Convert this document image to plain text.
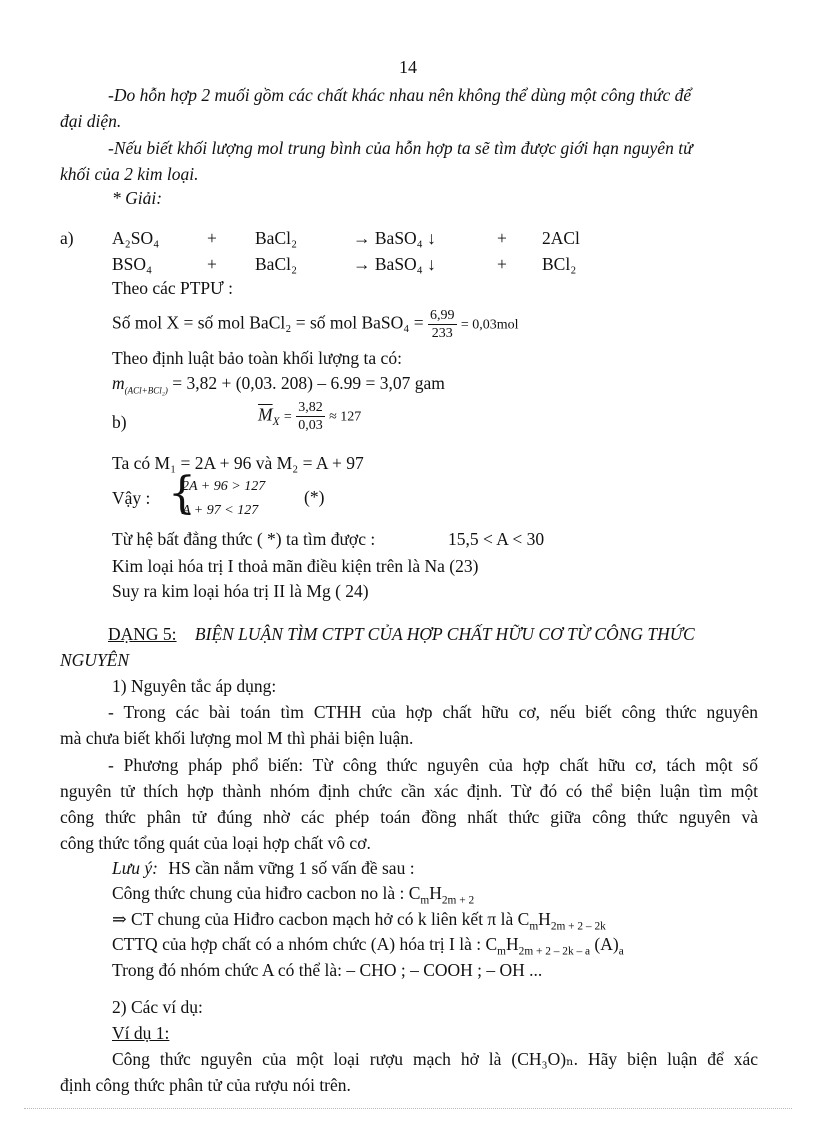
14
-Do hỗn hợp 2 muối gồm các chất khác nhau nên không thể dùng một công thức để
đại diện.
-Nếu biết khối lượng mol trung bình của hỗn hợp ta sẽ tìm được giới hạn nguyên tử
khối của 2 kim loại.
* Giải:
a) A₂SO₄	+ BaCl₂	→ BaSO₄ ↓	+ 2ACl
BSO₄	+ BaCl₂	→ BaSO₄ ↓	+ BCl₂
Theo các PTPƯ :
Số mol X = số mol BaCl₂ = số mol BaSO₄ = $\frac{6,99}{233} = 0,03mol$
Theo định luật bảo toàn khối lượng ta có:
$m_{(ACl+BCl_2)} = 3,82 + (0,03$. 208) – 6.99 = 3,07 gam
b)	$\overline{M}_X = \frac{3,82}{0,03} \approx 127$
Ta có M₁ = 2A + 96 và M₂ = A + 97
Vậy : {
2A + 96 > 127
A + 97 < 127
(*)
Từ hệ bất đẳng thức ( *) ta tìm được :	15,5 < A < 30
Kim loại hóa trị I thoả mãn điều kiện trên là Na (23)
Suy ra kim loại hóa trị II là Mg ( 24)
DẠNG 5: BIỆN LUẬN TÌM CTPT CỦA HỢP CHẤT HỮU CƠ TỪ CÔNG THỨC
NGUYÊN
1) Nguyên tắc áp dụng:
- Trong các bài toán tìm CTHH của hợp chất hữu cơ, nếu biết công thức nguyên
mà chưa biết khối lượng mol M thì phải biện luận.
- Phương pháp phổ biến: Từ công thức nguyên của hợp chất hữu cơ, tách một số
nguyên tử thích hợp thành nhóm định chức cần xác định. Từ đó có thể biện luận tìm một
công thức phân tử đúng nhờ các phép toán đồng nhất thức giữa công thức nguyên và
công thức tổng quát của loại hợp chất vô cơ.
Lưu ý: HS cần nắm vững 1 số vấn đề sau :
Công thức chung của hiđro cacbon no là : $C_mH_{2m + 2}$
⇒ CT chung của Hiđro cacbon mạch hở có k liên kết π là $C_mH_{2m + 2 - 2k}$
CTTQ của hợp chất có a nhóm chức (A) hóa trị I là : $C_mH_{2m + 2 - 2k - a}$ $(A)_a$
Trong đó nhóm chức A có thể là: – CHO ; – COOH ; – OH ...
2) Các ví dụ:
Ví dụ 1:
Công thức nguyên của một loại rượu mạch hở là (CH₃O)ₙ. Hãy biện luận để xác
định công thức phân tử của rượu nói trên.
